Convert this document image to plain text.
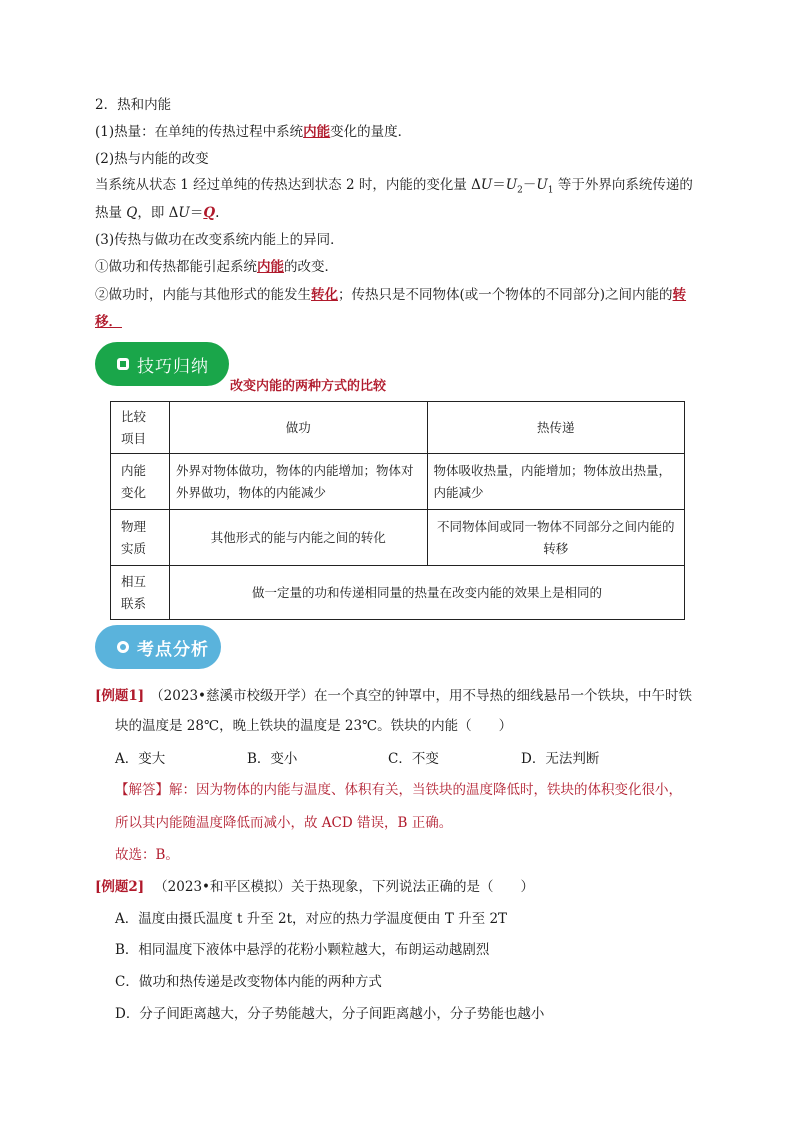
2．热和内能
(1)热量：在单纯的传热过程中系统内能变化的量度．
(2)热与内能的改变
当系统从状态 1 经过单纯的传热达到状态 2 时，内能的变化量 $\Delta U=U_2-U_1$ 等于外界向系统传递的
热量 Q，即 ΔU＝Q.
(3)传热与做功在改变系统内能上的异同．
①做功和传热都能引起系统内能的改变．
②做功时，内能与其他形式的能发生转化；传热只是不同物体(或一个物体的不同部分)之间内能的转
移．
技巧归纳
改变内能的两种方式的比较
比较
项目	做功	热传递

内能
变化	外界对物体做功，物体的内能增加；物体对外界做功，物体的内能减少	物体吸收热量，内能增加；物体放出热量，内能减少

物理
实质	其他形式的能与内能之间的转化	不同物体间或同一物体不同部分之间内能的转移

相互
联系	做一定量的功和传递相同量的热量在改变内能的效果上是相同的	
考点分析
[例题1] （2023•慈溪市校级开学）在一个真空的钟罩中，用不导热的细线悬吊一个铁块，中午时铁
块的温度是 28℃，晚上铁块的温度是 23℃。铁块的内能（　　）
A．变大	B．变小	C．不变	D．无法判断
【解答】解：因为物体的内能与温度、体积有关，当铁块的温度降低时，铁块的体积变化很小，
所以其内能随温度降低而减小，故 ACD 错误，B 正确。
故选：B。
[例题2] （2023•和平区模拟）关于热现象，下列说法正确的是（　　）
A．温度由摄氏温度 t 升至 2t，对应的热力学温度便由 T 升至 2T
B．相同温度下液体中悬浮的花粉小颗粒越大，布朗运动越剧烈
C．做功和热传递是改变物体内能的两种方式
D．分子间距离越大，分子势能越大，分子间距离越小，分子势能也越小
